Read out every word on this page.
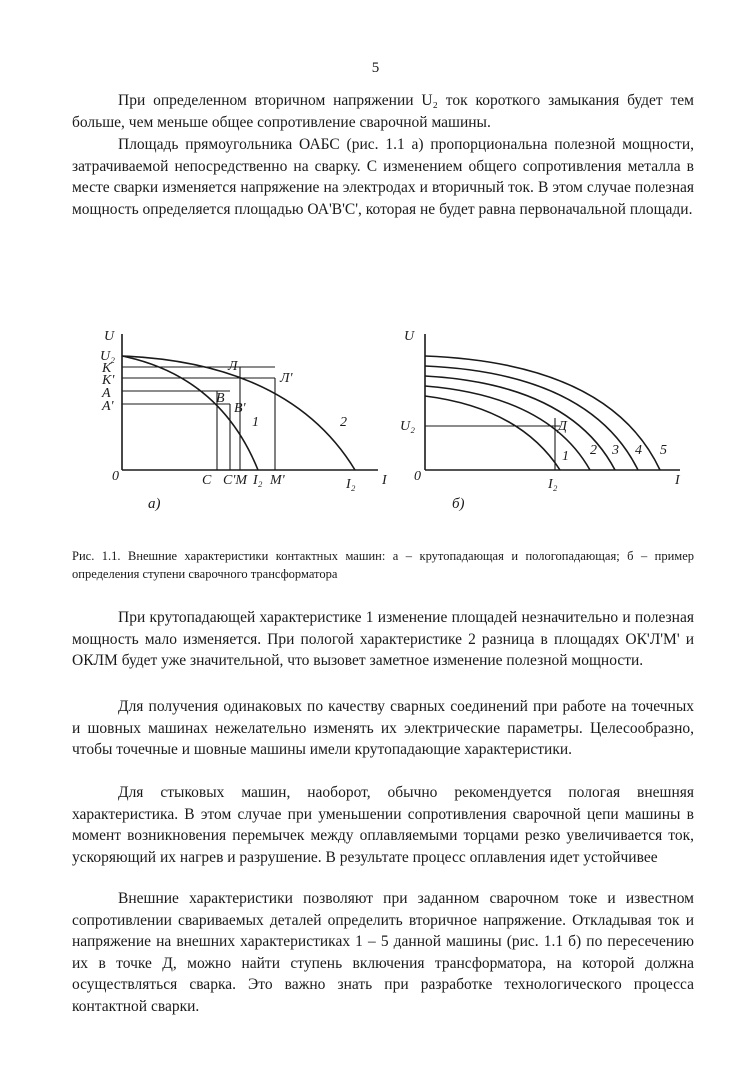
5

При определенном вторичном напряжении U₂ ток короткого замыкания будет тем больше, чем меньше общее сопротивление сварочной машины.

Площадь прямоугольника ОАБС (рис. 1.1 а) пропорциональна полезной мощности, затрачиваемой непосредственно на сварку. С изменением общего сопротивления металла в месте сварки изменяется напряжение на электродах и вторичный ток. В этом случае полезная мощность определяется площадью ОА'В'С', которая не будет равна первоначальной площади.

U
U₂
K
K'
A
A'
0	C C'M I₂ M'	I₂ I
Л
Л'
B
B'
1	2
а)
U
U₂
0
I₂	I
Д
1 2 3 4 5
б)

Рис. 1.1. Внешние характеристики контактных машин: а – крутопадающая и пологопадающая; б – пример определения ступени сварочного трансформатора

При крутопадающей характеристике 1 изменение площадей незначительно и полезная мощность мало изменяется. При пологой характеристике 2 разница в площадях ОК'Л'М' и ОКЛМ будет уже значительной, что вызовет заметное изменение полезной мощности.

Для получения одинаковых по качеству сварных соединений при работе на точечных и шовных машинах нежелательно изменять их электрические параметры. Целесообразно, чтобы точечные и шовные машины имели крутопадающие характеристики.

Для стыковых машин, наоборот, обычно рекомендуется пологая внешняя характеристика. В этом случае при уменьшении сопротивления сварочной цепи машины в момент возникновения перемычек между оплавляемыми торцами резко увеличивается ток, ускоряющий их нагрев и разрушение. В результате процесс оплавления идет устойчивее

Внешние характеристики позволяют при заданном сварочном токе и известном сопротивлении свариваемых деталей определить вторичное напряжение. Откладывая ток и напряжение на внешних характеристиках 1 – 5 данной машины (рис. 1.1 б) по пересечению их в точке Д, можно найти ступень включения трансформатора, на которой должна осуществляться сварка. Это важно знать при разработке технологического процесса контактной сварки.
